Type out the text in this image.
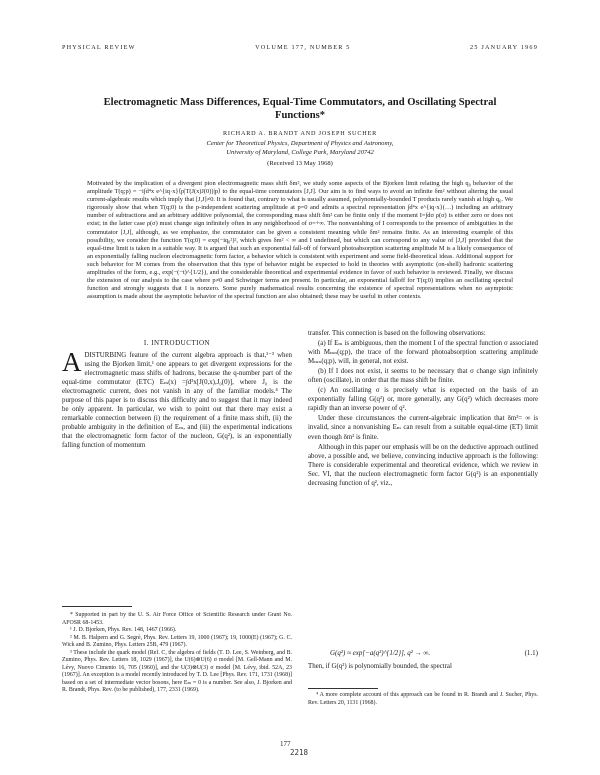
PHYSICAL REVIEW	VOLUME 177, NUMBER 5	25 JANUARY 1969
Electromagnetic Mass Differences, Equal-Time Commutators, and Oscillating Spectral Functions*
RICHARD A. BRANDT AND JOSEPH SUCHER
Center for Theoretical Physics, Department of Physics and Astronomy,
University of Maryland, College Park, Maryland 20742
(Received 13 May 1968)
Motivated by the implication of a divergent pion electromagnetic mass shift δm², we study some aspects of the Bjorken limit relating the high q₀ behavior of the amplitude T(q;p) = −i∫d⁴x e^{iq·x}⟨p|T(J(x)J(0))|p⟩ to the equal-time commutators [J,J]. Our aim is to find ways to avoid an infinite δm² without altering the usual current-algebraic results which imply that [J,J]≠0. It is found that, contrary to what is usually assumed, polynomially-bounded T products rarely vanish at high q₀. We rigorously show that when T(q;0) is the p-independent scattering amplitude at p=0 and admits a spectral representation ∫d⁴x e^{iq·x}(…) including an arbitrary number of subtractions and an arbitrary additive polynomial, the corresponding mass shift δm² can be finite only if the moment I=∫dσ ρ(σ) is either zero or does not exist; in the latter case ρ(σ) must change sign infinitely often in any neighborhood of σ=+∞. The nonvanishing of I corresponds to the presence of ambiguities in the commutator [J,J], although, as we emphasize, the commutator can be given a consistent meaning while δm² remains finite. As an interesting example of this possibility, we consider the function T(q;0) = exp(−iq₀²)², which gives δm² < ∞ and I undefined, but which can correspond to any value of [J,J] provided that the equal-time limit is taken in a suitable way. It is argued that such an exponential fall-off of forward photoabsorption scattering amplitude M is a likely consequence of an exponentially falling nucleon electromagnetic form factor, a behavior which is consistent with experiment and some field-theoretical ideas. Additional support for such behavior for M comes from the observation that this type of behavior might be expected to hold in theories with asymptotic (on-shell) hadronic scattering amplitudes of the form, e.g., exp(−(−t)^{1/2}), and the considerable theoretical and experimental evidence in favor of such behavior is reviewed. Finally, we discuss the extension of our analysis to the case where p≠0 and Schwinger terms are present. In particular, an exponential falloff for T(q;0) implies an oscillating spectral function and strongly suggests that I is nonzero. Some purely mathematical results concerning the existence of spectral representations when no asymptotic assumption is made about the asymptotic behavior of the spectral function are also obtained; these may be useful in other contexts.
I. INTRODUCTION
A DISTURBING feature of the current algebra approach is that,¹⁻³ when using the Bjorken limit,¹ one appears to get divergent expressions for the electromagnetic mass shifts of hadrons, because the q-number part of the equal-time commutator (ETC) Eₘ(x) =∫d³x[J(0,x),J₀(0)], where J₀ is the electromagnetic current, does not vanish in any of the familiar models.⁴ The purpose of this paper is to discuss this difficulty and to suggest that it may indeed be only apparent. In particular, we wish to point out that there may exist a remarkable connection between (i) the requirement of a finite mass shift, (ii) the probable ambiguity in the definition of Eₘ, and (iii) the experimental indications that the electromagnetic form factor of the nucleon, G(q²), is an exponentially falling function of momentum

* Supported in part by the U. S. Air Force Office of Scientific Research under Grant No. AFOSR 68-1453.

¹ J. D. Bjorken, Phys. Rev. 148, 1467 (1966).

² M. B. Halpern and G. Segrè, Phys. Rev. Letters 19, 1000 (1967); 19, 1000(E) (1967); G. C. Wick and B. Zumino, Phys. Letters 25B, 479 (1967).

³ These include the quark model (Ref. C, the algebra of fields (T. D. Lee, S. Weinberg, and B. Zumino, Phys. Rev. Letters 18, 1029 (1967)], the U(6)⊗U(6) σ model [M. Gell-Mann and M. Lévy, Nuovo Cimento 16, 705 (1960)], and the U(3)⊗U(3) σ model [M. Lévy, ibid. 52A, 23 (1967)]. An exception is a model recently introduced by T. D. Lee [Phys. Rev. 171, 1731 (1968)] based on a set of intermediate vector bosons, here Eₘ = 0 is a number. See also, J. Bjorken and R. Brandt, Phys. Rev. (to be published), 177, 2331 (1969).

transfer. This connection is based on the following observations:

(a) If Eₘ is ambiguous, then the moment I of the spectral function σ associated with Mₘₙ(q;p), the trace of the forward photoabsorption scattering amplitude Mₘₙ(q;p), will, in general, not exist.

(b) If I does not exist, it seems to be necessary that σ change sign infinitely often (oscillate), in order that the mass shift be finite.

(c) An oscillating σ is precisely what is expected on the basis of an exponentially falling G(q²) or, more generally, any G(q²) which decreases more rapidly than an inverse power of q².

Under these circumstances the current-algebraic implication that δm²= ∞ is invalid, since a nonvanishing Eₘ can result from a suitable equal-time (ET) limit even though δm² is finite.

Although in this paper our emphasis will be on the deductive approach outlined above, a possible and, we believe, convincing inductive approach is the following: There is considerable experimental and theoretical evidence, which we review in Sec. VI, that the nucleon electromagnetic form factor G(q²) is an exponentially decreasing function of q², viz.,

G(q²) ≈ exp[−a(q²)^{1/2}], q² → ∞.	(1.1)
Then, if G(q²) is polynomially bounded, the spectral

⁴ A more complete account of this approach can be found in R. Brandt and J. Sucher, Phys. Rev. Letters 20, 1131 (1968).

177
2218
